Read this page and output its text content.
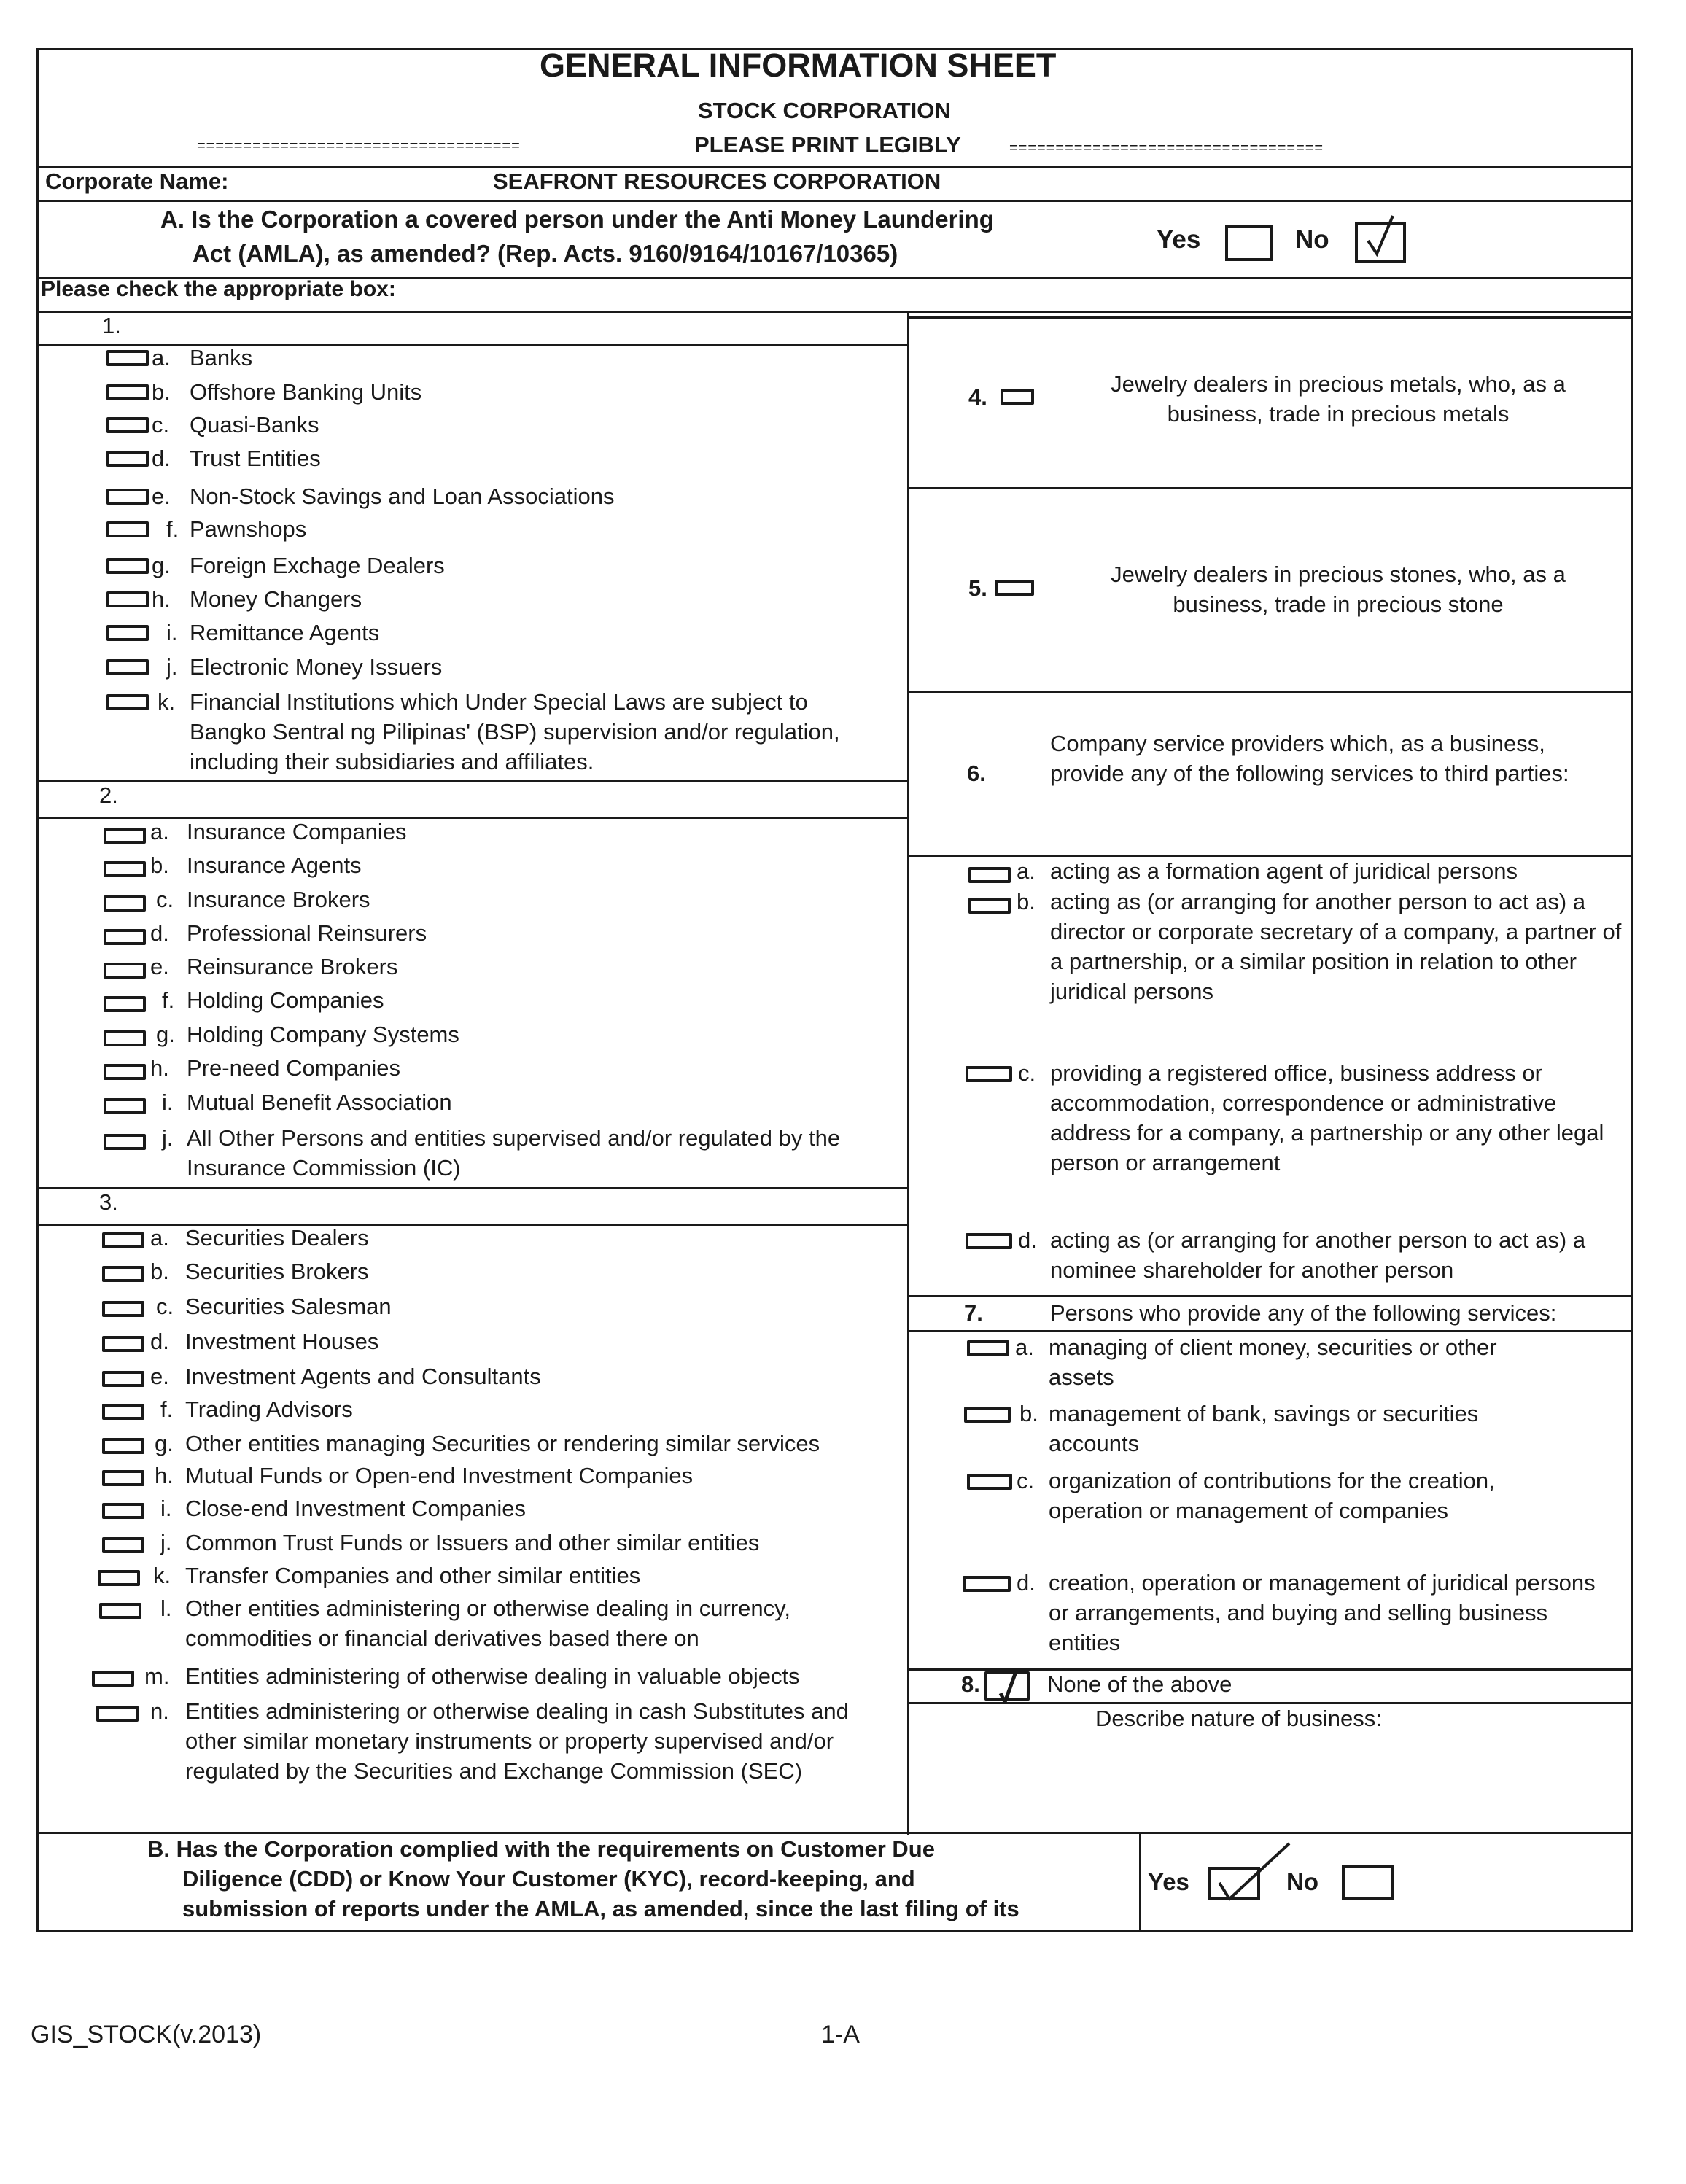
GENERAL INFORMATION SHEET
STOCK CORPORATION
===================================	PLEASE PRINT LEGIBLY	==================================
Corporate Name:	SEAFRONT RESOURCES CORPORATION
A. Is the Corporation a covered person under the Anti Money Laundering
Act (AMLA), as amended? (Rep. Acts. 9160/9164/10167/10365)	Yes	No
Please check the appropriate box:
1.
a. Banks
b. Offshore Banking Units
c. Quasi-Banks
d. Trust Entities
e. Non-Stock Savings and Loan Associations
f. Pawnshops
g. Foreign Exchage Dealers
h. Money Changers
i. Remittance Agents
j. Electronic Money Issuers
k. Financial Institutions which Under Special Laws are subject to Bangko Sentral ng Pilipinas' (BSP) supervision and/or regulation, including their subsidiaries and affiliates.
2.
a. Insurance Companies
b. Insurance Agents
c. Insurance Brokers
d. Professional Reinsurers
e. Reinsurance Brokers
f. Holding Companies
g. Holding Company Systems
h. Pre-need Companies
i. Mutual Benefit Association
j. All Other Persons and entities supervised and/or regulated by the Insurance Commission (IC)
3.
a. Securities Dealers
b. Securities Brokers
c. Securities Salesman
d. Investment Houses
e. Investment Agents and Consultants
f. Trading Advisors
g. Other entities managing Securities or rendering similar services
h. Mutual Funds or Open-end Investment Companies
i. Close-end Investment Companies
j. Common Trust Funds or Issuers and other similar entities
k. Transfer Companies and other similar entities
l. Other entities administering or otherwise dealing in currency, commodities or financial derivatives based there on
m. Entities administering of otherwise dealing in valuable objects
n. Entities administering or otherwise dealing in cash Substitutes and other similar monetary instruments or property supervised and/or regulated by the Securities and Exchange Commission (SEC)
4.
Jewelry dealers in precious metals, who, as a business, trade in precious metals
5.
Jewelry dealers in precious stones, who, as a business, trade in precious stone
6.
Company service providers which, as a business, provide any of the following services to third parties:
a. acting as a formation agent of juridical persons
b. acting as (or arranging for another person to act as) a director or corporate secretary of a company, a partner of a partnership, or a similar position in relation to other juridical persons
c. providing a registered office, business address or accommodation, correspondence or administrative address for a company, a partnership or any other legal person or arrangement
d. acting as (or arranging for another person to act as) a nominee shareholder for another person
7.	Persons who provide any of the following services:
a. managing of client money, securities or other assets
b. management of bank, savings or securities accounts
c. organization of contributions for the creation, operation or management of companies
d. creation, operation or management of juridical persons or arrangements, and buying and selling business entities
8.	None of the above
Describe nature of business:
B. Has the Corporation complied with the requirements on Customer Due
Diligence (CDD) or Know Your Customer (KYC), record-keeping, and
submission of reports under the AMLA, as amended, since the last filing of its
Yes	No
GIS_STOCK(v.2013)	1-A
